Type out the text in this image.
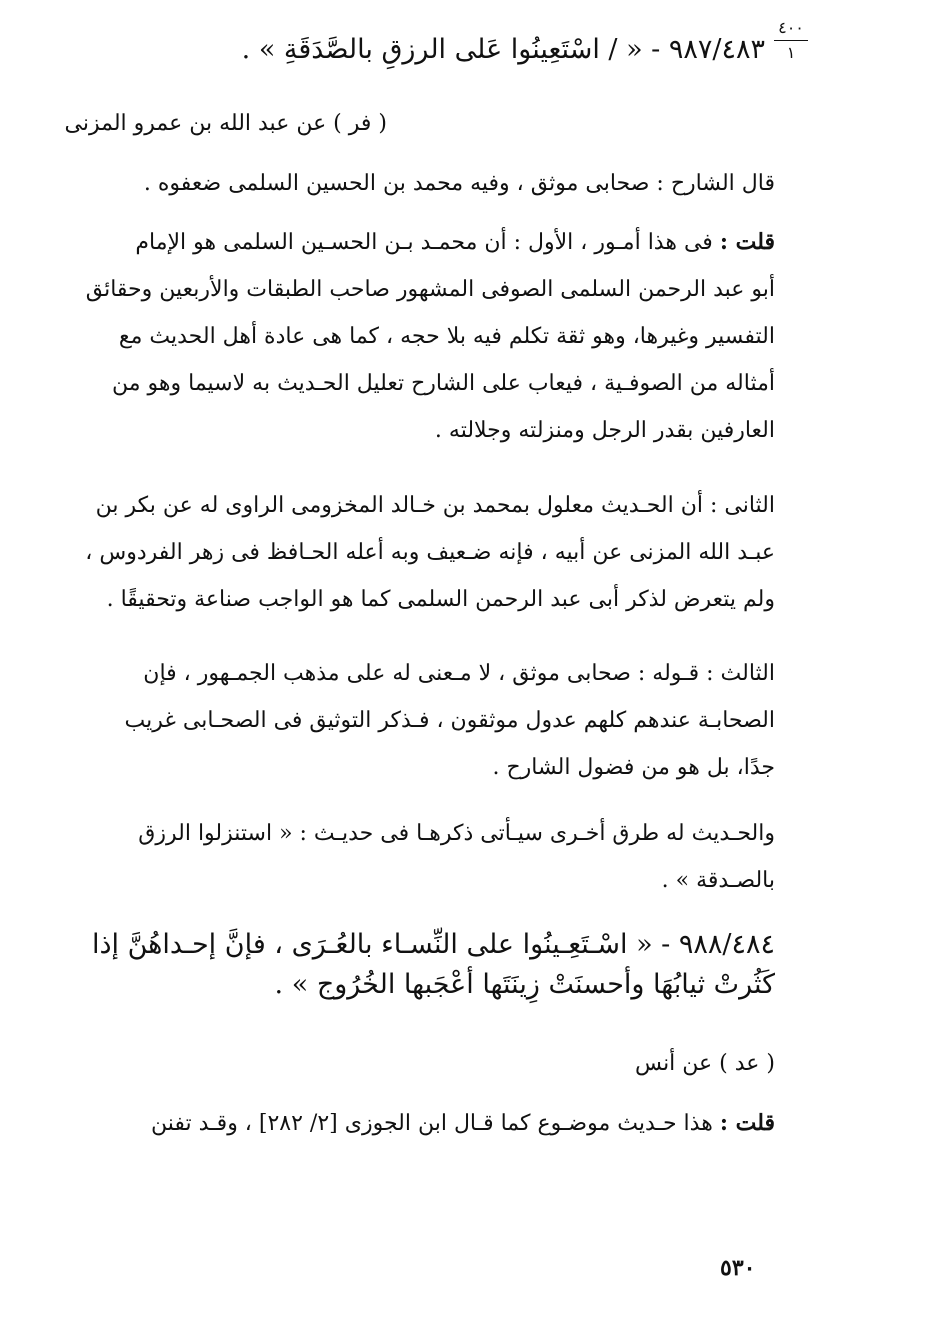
٤٠٠
١
٩٨٧/٤٨٣ - « / اسْتَعِينُوا عَلى الرزقِ بالصَّدَقَةِ » .
( فر ) عن عبد الله بن عمرو المزنى
قال الشارح : صحابى موثق ، وفيه محمد بن الحسين السلمى ضعفوه .
قلت : فى هذا أمـور ، الأول : أن محمـد بـن الحسـين السلمى هو الإمام
أبو عبد الرحمن السلمى الصوفى المشهور صاحب الطبقات والأربعين وحقائق
التفسير وغيرها، وهو ثقة تكلم فيه بلا حجه ، كما هى عادة أهل الحديث مع
أمثاله من الصوفـية ، فيعاب على الشارح تعليل الحـديث به لاسيما وهو من
العارفين بقدر الرجل ومنزلته وجلالته .
الثانى : أن الحـديث معلول بمحمد بن خـالد المخزومى الراوى له عن بكر بن
عبـد الله المزنى عن أبيه ، فإنه ضـعيف وبه أعله الحـافظ فى زهر الفردوس ،
ولم يتعرض لذكر أبى عبد الرحمن السلمى كما هو الواجب صناعة وتحقيقًا .
الثالث : قـوله : صحابى موثق ، لا مـعنى له على مذهب الجمـهور ، فإن
الصحابـة عندهم كلهم عدول موثقون ، فـذكر التوثيق فى الصحـابى غريب
جدًا، بل هو من فضول الشارح .
والحـديث له طرق أخـرى سيـأتى ذكرهـا فى حديـث : « استنزلوا الرزق
بالصـدقة » .
٩٨٨/٤٨٤ - « اسْـتَعِـينُوا على النِّسـاء بالعُـرَى ، فإنَّ إحـداهُنَّ إذا
كَثُرتْ ثيابُهَا وأحسنَتْ زِينَتَها أعْجَبها الخُرُوج » .
( عد ) عن أنس
قلت : هذا حـديث موضـوع كما قـال ابن الجوزى [٢/ ٢٨٢] ، وقـد تفنن
٥٣٠
